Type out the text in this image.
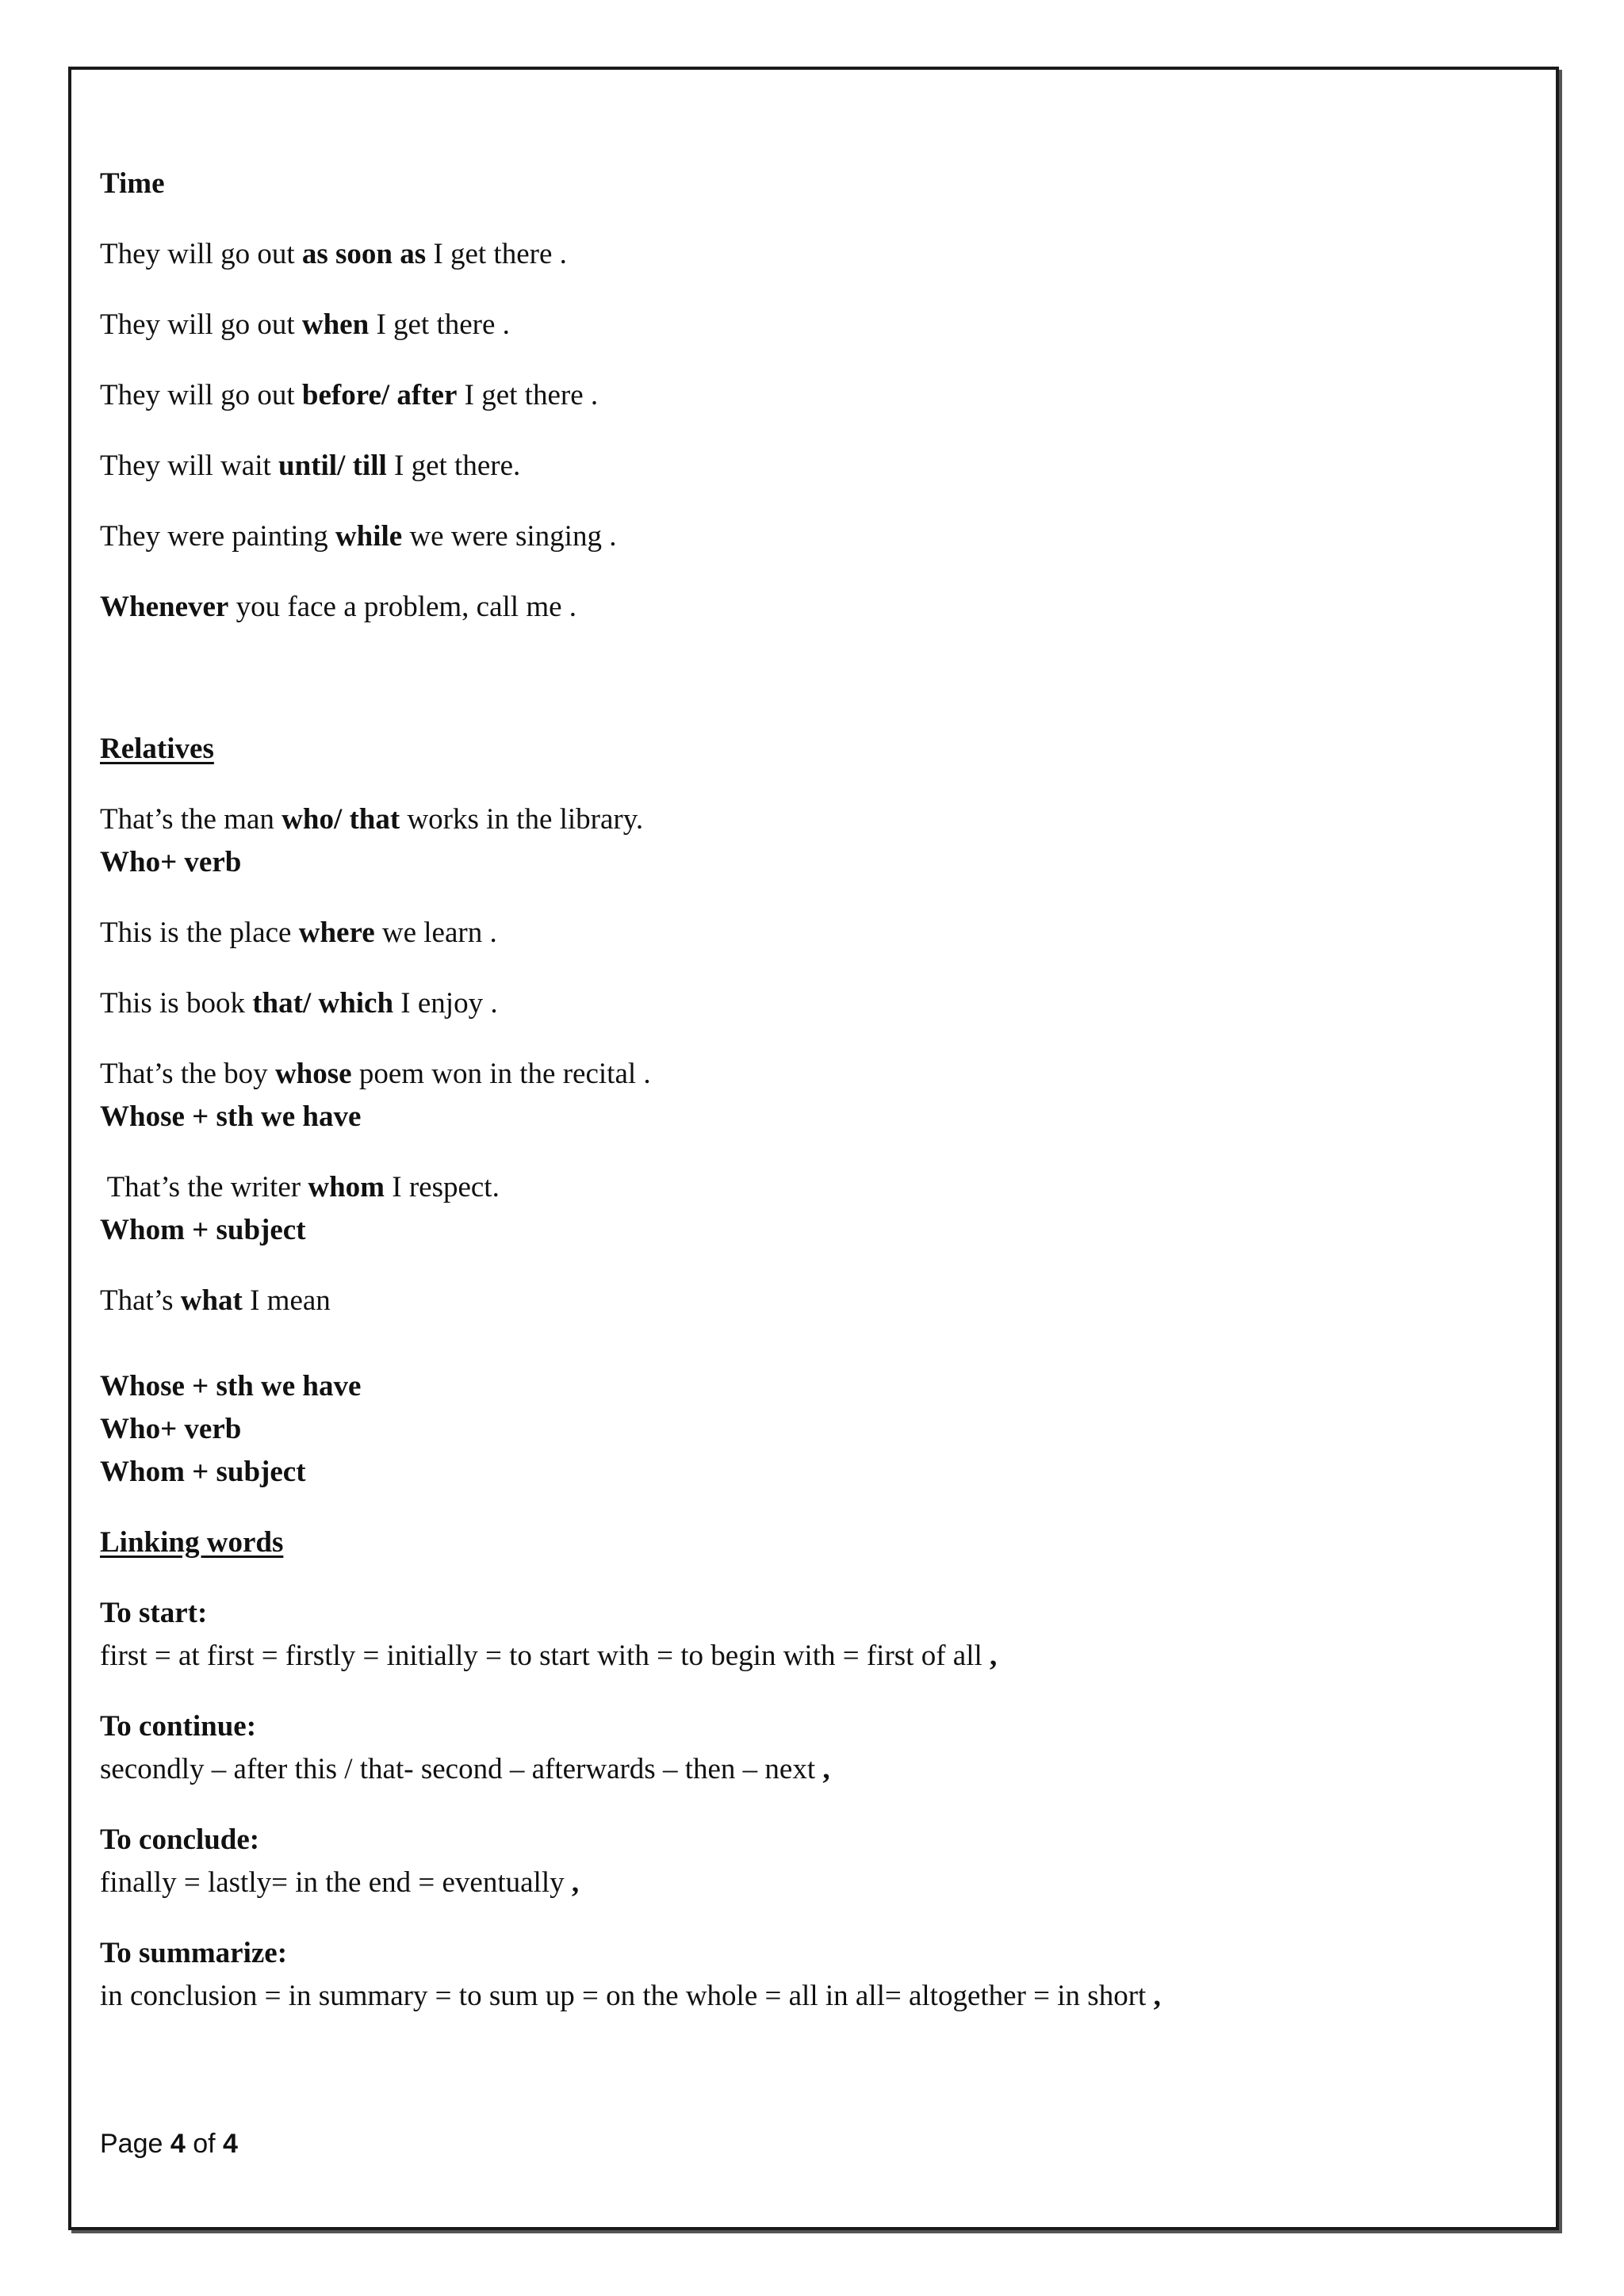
Time

They will go out as soon as I get there .

They will go out when I get there .

They will go out before/ after I get there .

They will wait until/ till I get there.

They were painting while we were singing .

Whenever you face a problem, call me .

Relatives

That’s the man who/ that works in the library.

Who+ verb

This is the place where we learn .

This is book that/ which I enjoy .

That’s the boy whose poem won in the recital .

Whose + sth we have

That’s the writer whom I respect.

Whom + subject

That’s what I mean

Whose + sth we have

Who+ verb

Whom + subject

Linking words

To start:

first = at first = firstly = initially = to start with = to begin with = first of all ,

To continue:

secondly – after this / that- second – afterwards – then – next ,

To conclude:

finally = lastly= in the end = eventually ,

To summarize:

in conclusion = in summary = to sum up = on the whole = all in all= altogether = in short ,

Page 4 of 4
